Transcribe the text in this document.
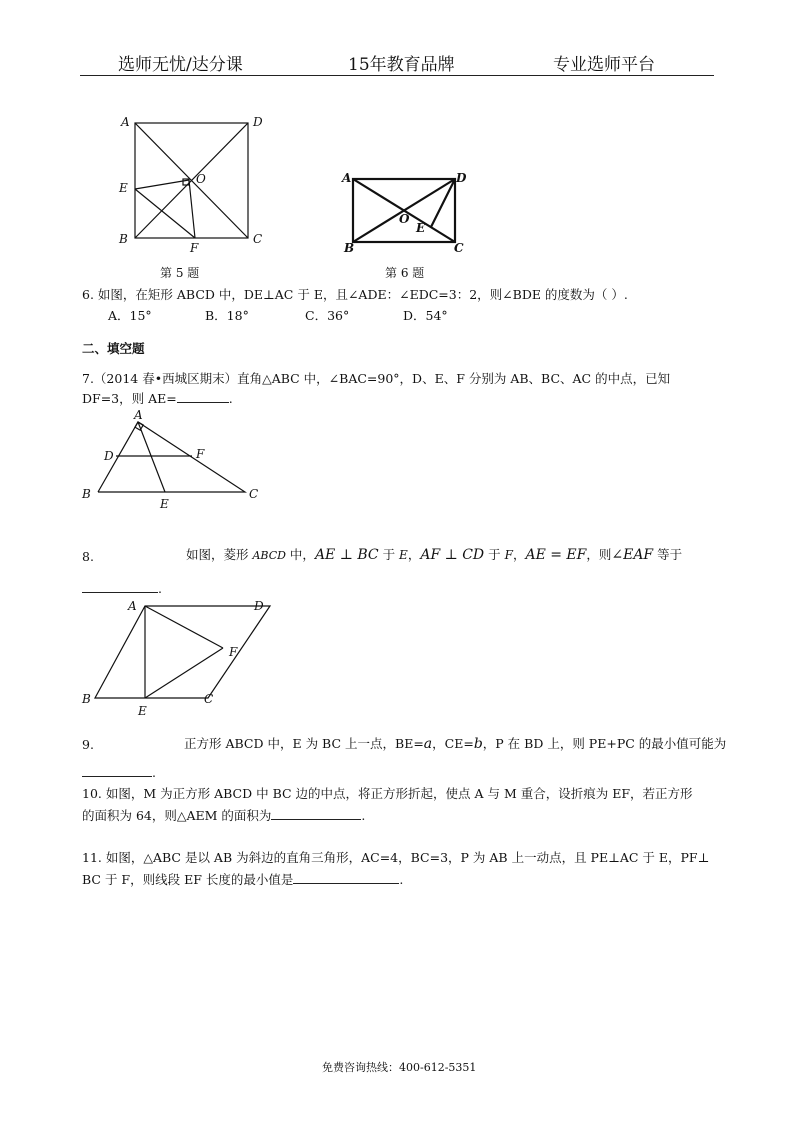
选师无忧/达分课	15年教育品牌	专业选师平台
A	D
E
O
B
F
C
第 5 题
A	D
O
E
B	C
第 6 题
6. 如图，在矩形 ABCD 中，DE⊥AC 于 E，且∠ADE：∠EDC=3：2，则∠BDE 的度数为（ ）.
A．15°	B．18°	C．36°	D．54°
二、填空题
7.（2014 春•西城区期末）直角△ABC 中，∠BAC=90°，D、E、F 分别为 AB、BC、AC 的中点，已知
DF=3，则 AE=	.
A
D	F
B
E
C
8.	如图，菱形 ABCD 中，AE ⊥ BC 于 E，AF ⊥ CD 于 F，AE = EF，则∠EAF 等于
.
A	D
F
B
E
C
9.	正方形 ABCD 中，E 为 BC 上一点，BE=a，CE=b，P 在 BD 上，则 PE+PC 的最小值可能为
.
10. 如图，M 为正方形 ABCD 中 BC 边的中点，将正方形折起，使点 A 与 M 重合，设折痕为 EF，若正方形
的面积为 64，则△AEM 的面积为	.
11. 如图，△ABC 是以 AB 为斜边的直角三角形，AC=4，BC=3，P 为 AB 上一动点，且 PE⊥AC 于 E，PF⊥
BC 于 F，则线段 EF 长度的最小值是	.
免费咨询热线：400-612-5351
